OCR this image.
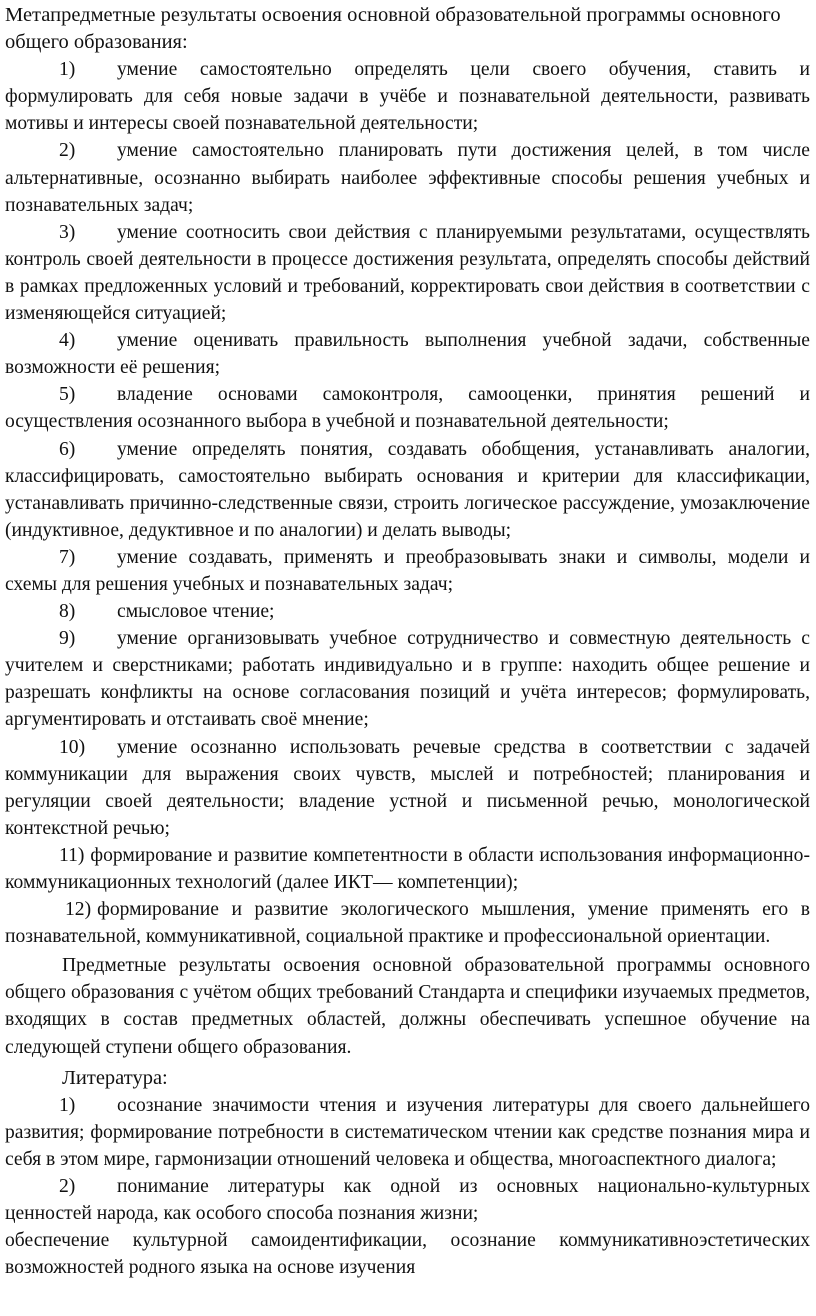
Метапредметные результаты освоения основной образовательной программы основного общего образования:

1) умение самостоятельно определять цели своего обучения, ставить и формулировать для себя новые задачи в учёбе и познавательной деятельности, развивать мотивы и интересы своей познавательной деятельности;

2) умение самостоятельно планировать пути достижения целей, в том числе альтернативные, осознанно выбирать наиболее эффективные способы решения учебных и познавательных задач;

3) умение соотносить свои действия с планируемыми результатами, осуществлять контроль своей деятельности в процессе достижения результата, определять способы действий в рамках предложенных условий и требований, корректировать свои действия в соответствии с изменяющейся ситуацией;

4) умение оценивать правильность выполнения учебной задачи, собственные возможности её решения;

5) владение основами самоконтроля, самооценки, принятия решений и осуществления осознанного выбора в учебной и познавательной деятельности;

6) умение определять понятия, создавать обобщения, устанавливать аналогии, классифицировать, самостоятельно выбирать основания и критерии для классификации, устанавливать причинно-следственные связи, строить логическое рассуждение, умозаключение (индуктивное, дедуктивное и по аналогии) и делать выводы;

7) умение создавать, применять и преобразовывать знаки и символы, модели и схемы для решения учебных и познавательных задач;

8) смысловое чтение;

9) умение организовывать учебное сотрудничество и совместную деятельность с учителем и сверстниками; работать индивидуально и в группе: находить общее решение и разрешать конфликты на основе согласования позиций и учёта интересов; формулировать, аргументировать и отстаивать своё мнение;

10) умение осознанно использовать речевые средства в соответствии с задачей коммуникации для выражения своих чувств, мыслей и потребностей; планирования и регуляции своей деятельности; владение устной и письменной речью, монологической контекстной речью;

11) формирование и развитие компетентности в области использования информационно-коммуникационных технологий (далее ИКТ— компетенции);

12) формирование и развитие экологического мышления, умение применять его в познавательной, коммуникативной, социальной практике и профессиональной ориентации.

Предметные результаты освоения основной образовательной программы основного общего образования с учётом общих требований Стандарта и специфики изучаемых предметов, входящих в состав предметных областей, должны обеспечивать успешное обучение на следующей ступени общего образования.

Литература:

1) осознание значимости чтения и изучения литературы для своего дальнейшего развития; формирование потребности в систематическом чтении как средстве познания мира и себя в этом мире, гармонизации отношений человека и общества, многоаспектного диалога;

2) понимание литературы как одной из основных национально-культурных ценностей народа, как особого способа познания жизни;

обеспечение культурной самоидентификации, осознание коммуникативноэстетических возможностей родного языка на основе изучения
